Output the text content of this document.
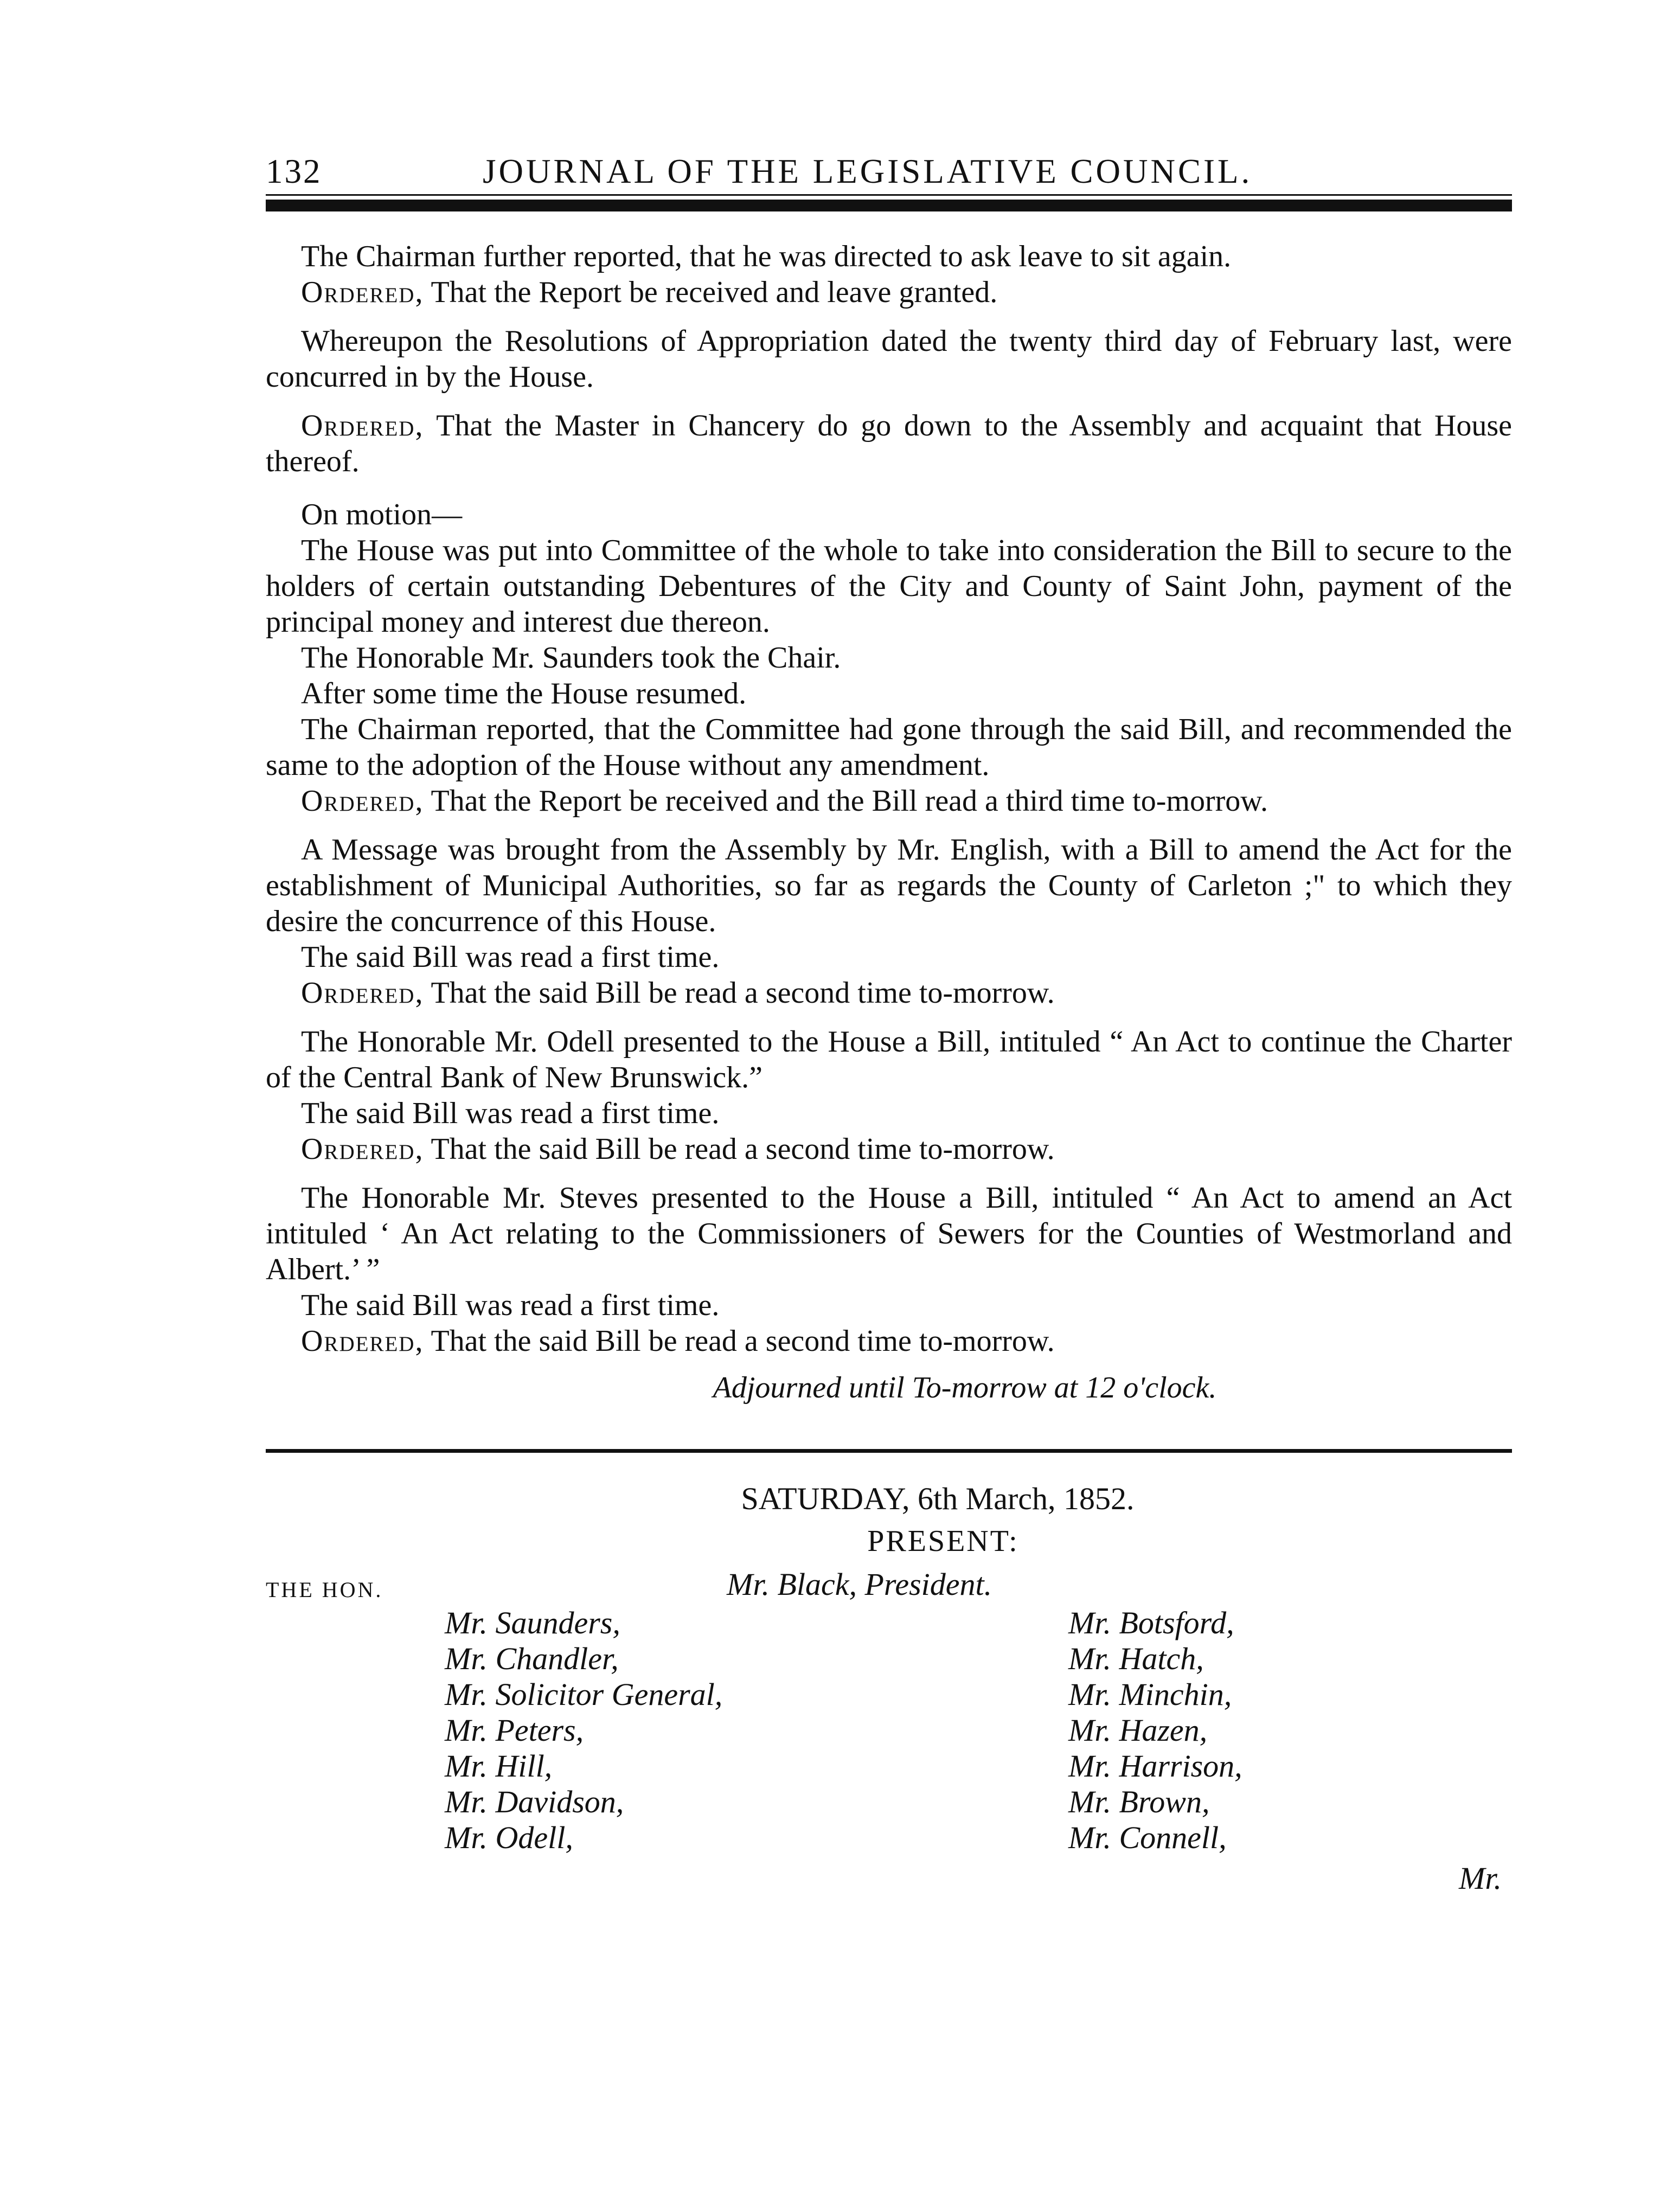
132	JOURNAL OF THE LEGISLATIVE COUNCIL.
The Chairman further reported, that he was directed to ask leave to sit again.
Ordered, That the Report be received and leave granted.
Whereupon the Resolutions of Appropriation dated the twenty third day of February last, were concurred in by the House.
Ordered, That the Master in Chancery do go down to the Assembly and acquaint that House thereof.
On motion—
The House was put into Committee of the whole to take into consideration the Bill to secure to the holders of certain outstanding Debentures of the City and County of Saint John, payment of the principal money and interest due thereon.
The Honorable Mr. Saunders took the Chair.
After some time the House resumed.
The Chairman reported, that the Committee had gone through the said Bill, and recommended the same to the adoption of the House without any amendment.
Ordered, That the Report be received and the Bill read a third time to-morrow.
A Message was brought from the Assembly by Mr. English, with a Bill to amend the Act for the establishment of Municipal Authorities, so far as regards the County of Carleton ;" to which they desire the concurrence of this House.
The said Bill was read a first time.
Ordered, That the said Bill be read a second time to-morrow.
The Honorable Mr. Odell presented to the House a Bill, intituled “ An Act to continue the Charter of the Central Bank of New Brunswick.”
The said Bill was read a first time.
Ordered, That the said Bill be read a second time to-morrow.
The Honorable Mr. Steves presented to the House a Bill, intituled “ An Act to amend an Act intituled ‘ An Act relating to the Commissioners of Sewers for the Counties of Westmorland and Albert.’ ”
The said Bill was read a first time.
Ordered, That the said Bill be read a second time to-morrow.
Adjourned until To-morrow at 12 o'clock.
SATURDAY, 6th March, 1852.
PRESENT:
THE HON.	Mr. Black, President.
Mr. Saunders,
Mr. Chandler,
Mr. Solicitor General,
Mr. Peters,
Mr. Hill,
Mr. Davidson,
Mr. Odell,
Mr. Botsford,
Mr. Hatch,
Mr. Minchin,
Mr. Hazen,
Mr. Harrison,
Mr. Brown,
Mr. Connell,
Mr.
